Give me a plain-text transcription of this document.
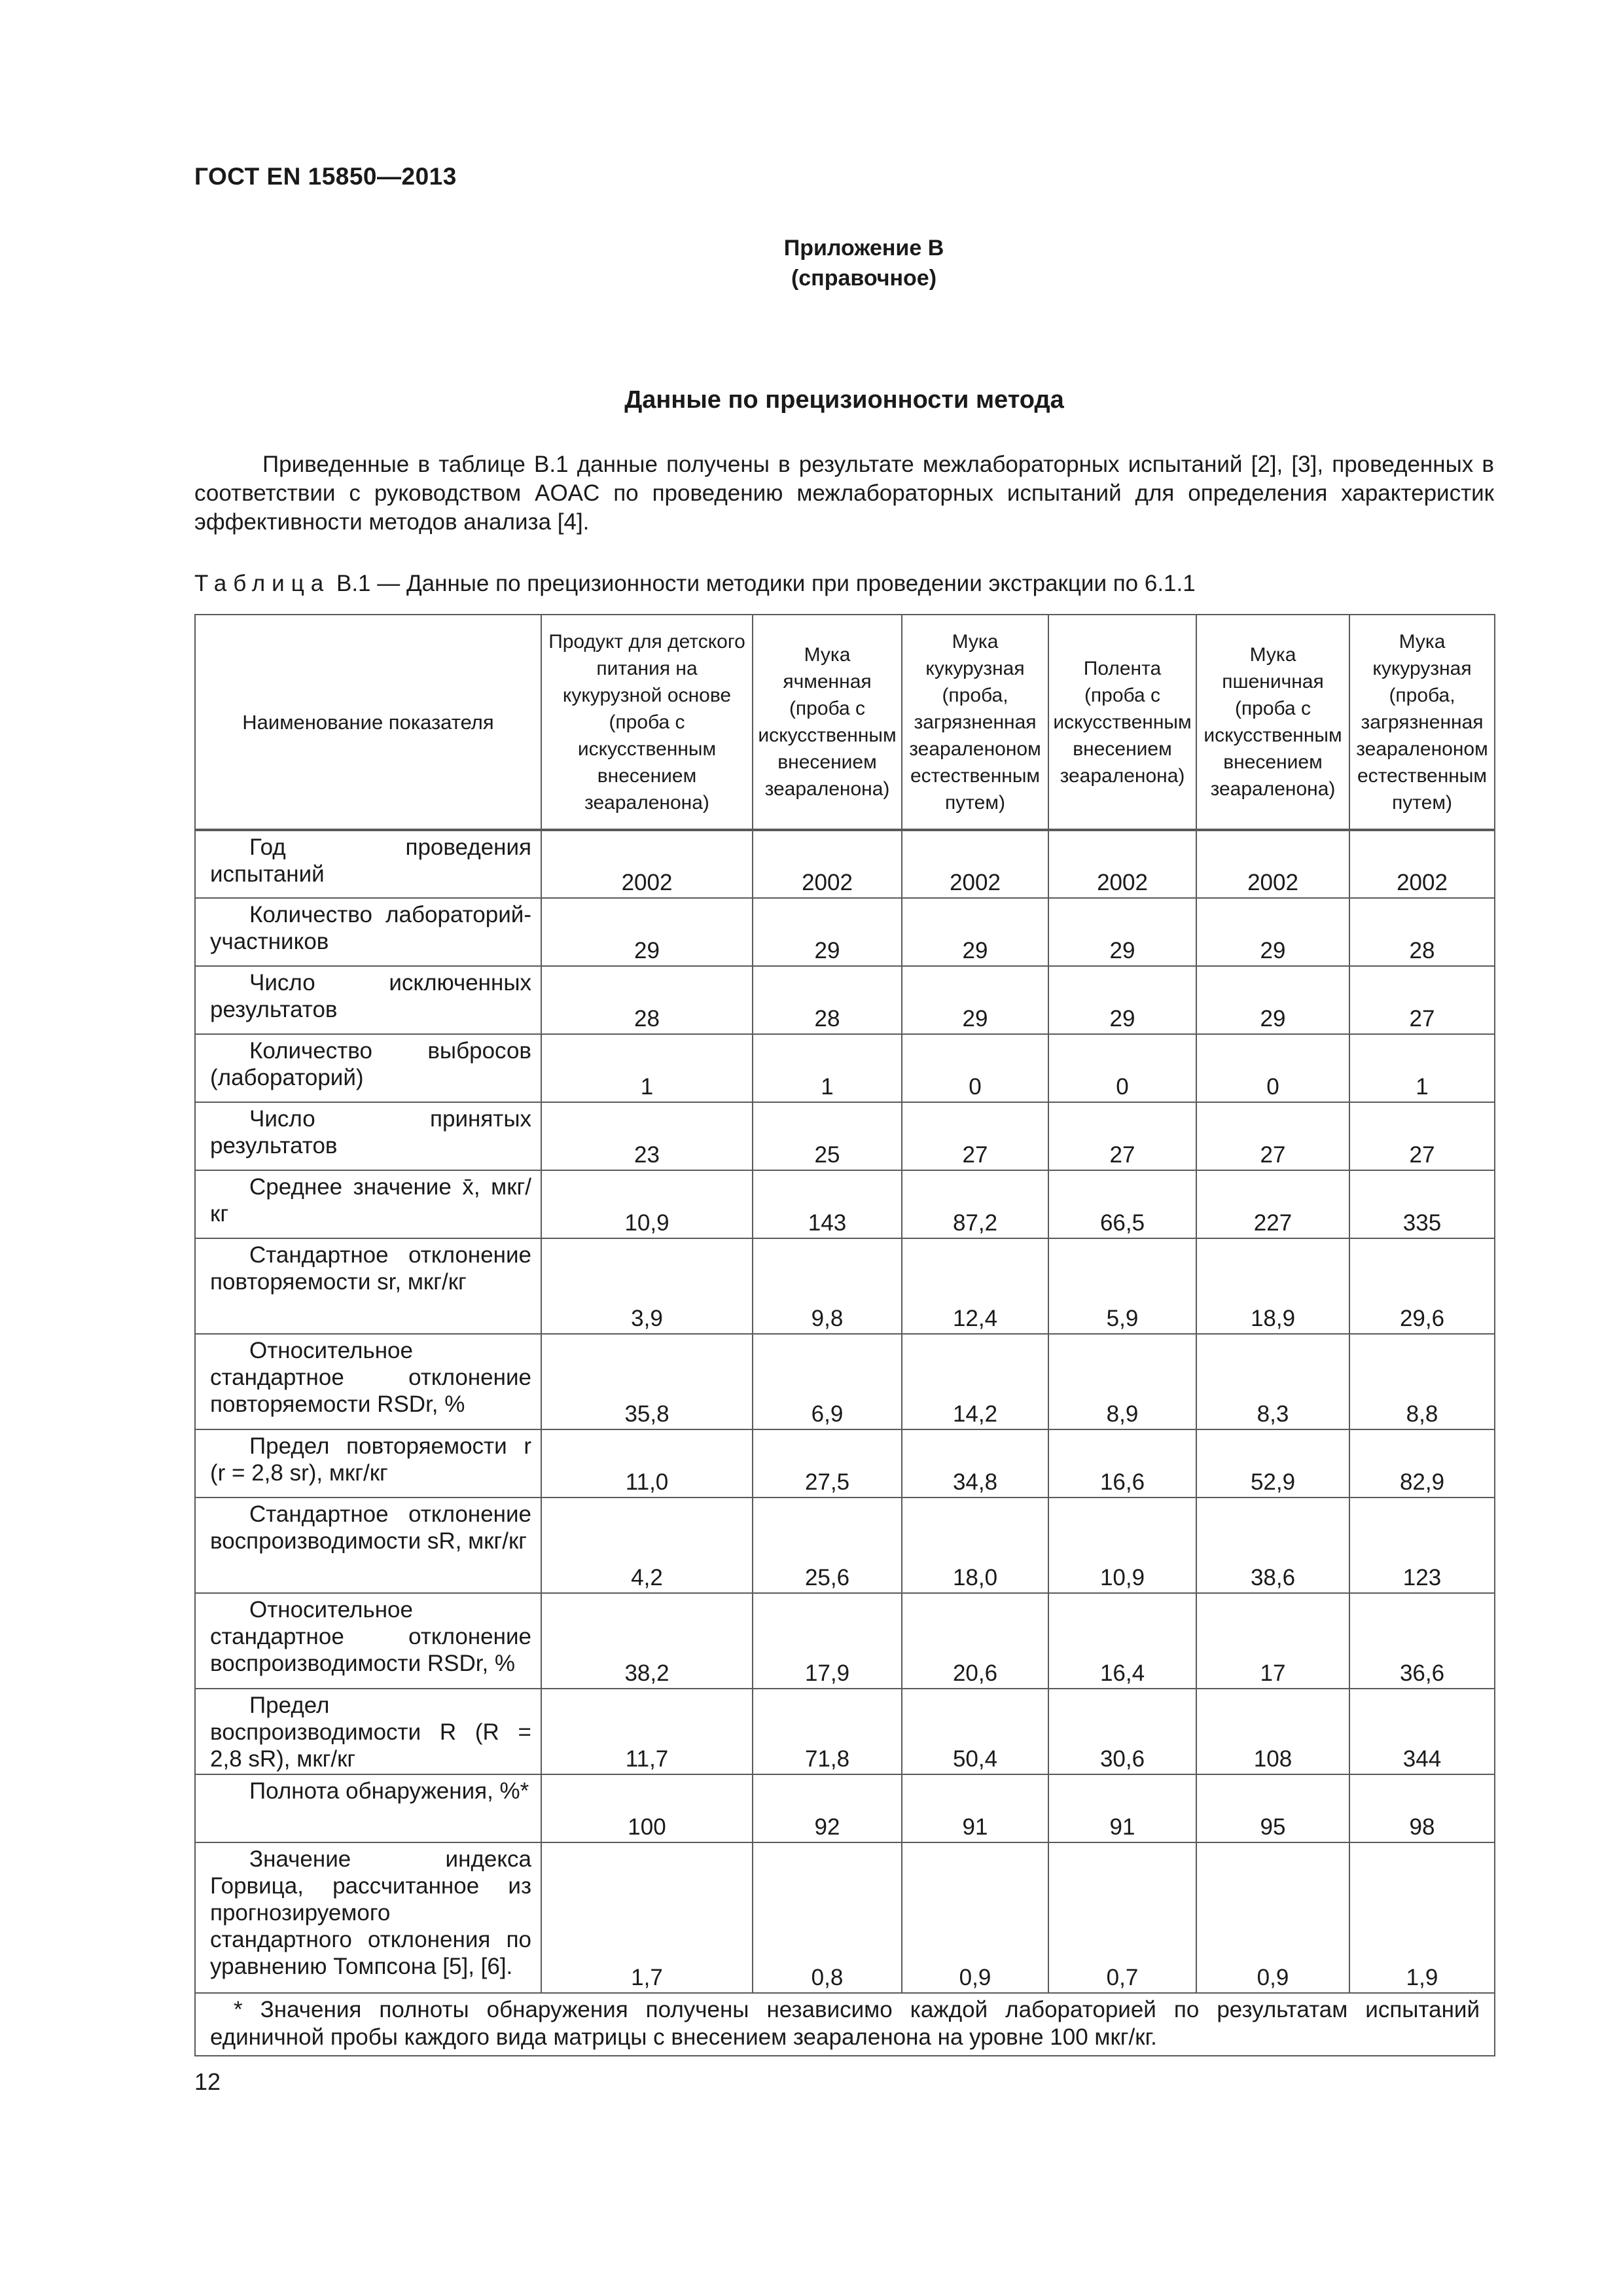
ГОСТ EN 15850—2013
Приложение В
(справочное)
Данные по прецизионности метода

Приведенные в таблице В.1 данные получены в результате межлабораторных испытаний [2], [3], проведенных в соответствии с руководством AOAC по проведению межлабораторных испытаний для определения характеристик эффективности методов анализа [4].

Таблица В.1 — Данные по прецизионности методики при проведении экстракции по 6.1.1
Наименование показателя	Продукт для детского питания на кукурузной основе (проба с искусственным внесением зеараленона)	Мука ячменная (проба с искусственным внесением зеараленона)	Мука кукурузная (проба, загрязненная зеараленоном естественным путем)	Полента (проба с искусственным внесением зеараленона)	Мука пшеничная (проба с искусственным внесением зеараленона)	Мука кукурузная (проба, загрязненная зеараленоном естественным путем)

Год проведения испытаний	2002	2002	2002	2002	2002	2002

Количество лабораторий-участников	29	29	29	29	29	28

Число исключенных результатов	28	28	29	29	29	27

Количество выбросов (лабораторий)	1	1	0	0	0	1

Число принятых результатов	23	25	27	27	27	27

Среднее значение x̄, мкг/кг	10,9	143	87,2	66,5	227	335

Стандартное отклонение повторяемости sr, мкг/кг	3,9	9,8	12,4	5,9	18,9	29,6

Относительное стандартное отклонение повторяемости RSDr, %	35,8	6,9	14,2	8,9	8,3	8,8

Предел повторяемости r (r = 2,8 sr), мкг/кг	11,0	27,5	34,8	16,6	52,9	82,9

Стандартное отклонение воспроизводимости sR, мкг/кг	4,2	25,6	18,0	10,9	38,6	123

Относительное стандартное отклонение воспроизводимости RSDr, %	38,2	17,9	20,6	16,4	17	36,6

Предел воспроизводимости R (R = 2,8 sR), мкг/кг	11,7	71,8	50,4	30,6	108	344

Полнота обнаружения, %*	100	92	91	91	95	98

Значение индекса Горвица, рассчитанное из прогнозируемого стандартного отклонения по уравнению Томпсона [5], [6].	1,7	0,8	0,9	0,7	0,9	1,9

* Значения полноты обнаружения получены независимо каждой лабораторией по результатам испытаний единичной пробы каждого вида матрицы с внесением зеараленона на уровне 100 мкг/кг.						
12
